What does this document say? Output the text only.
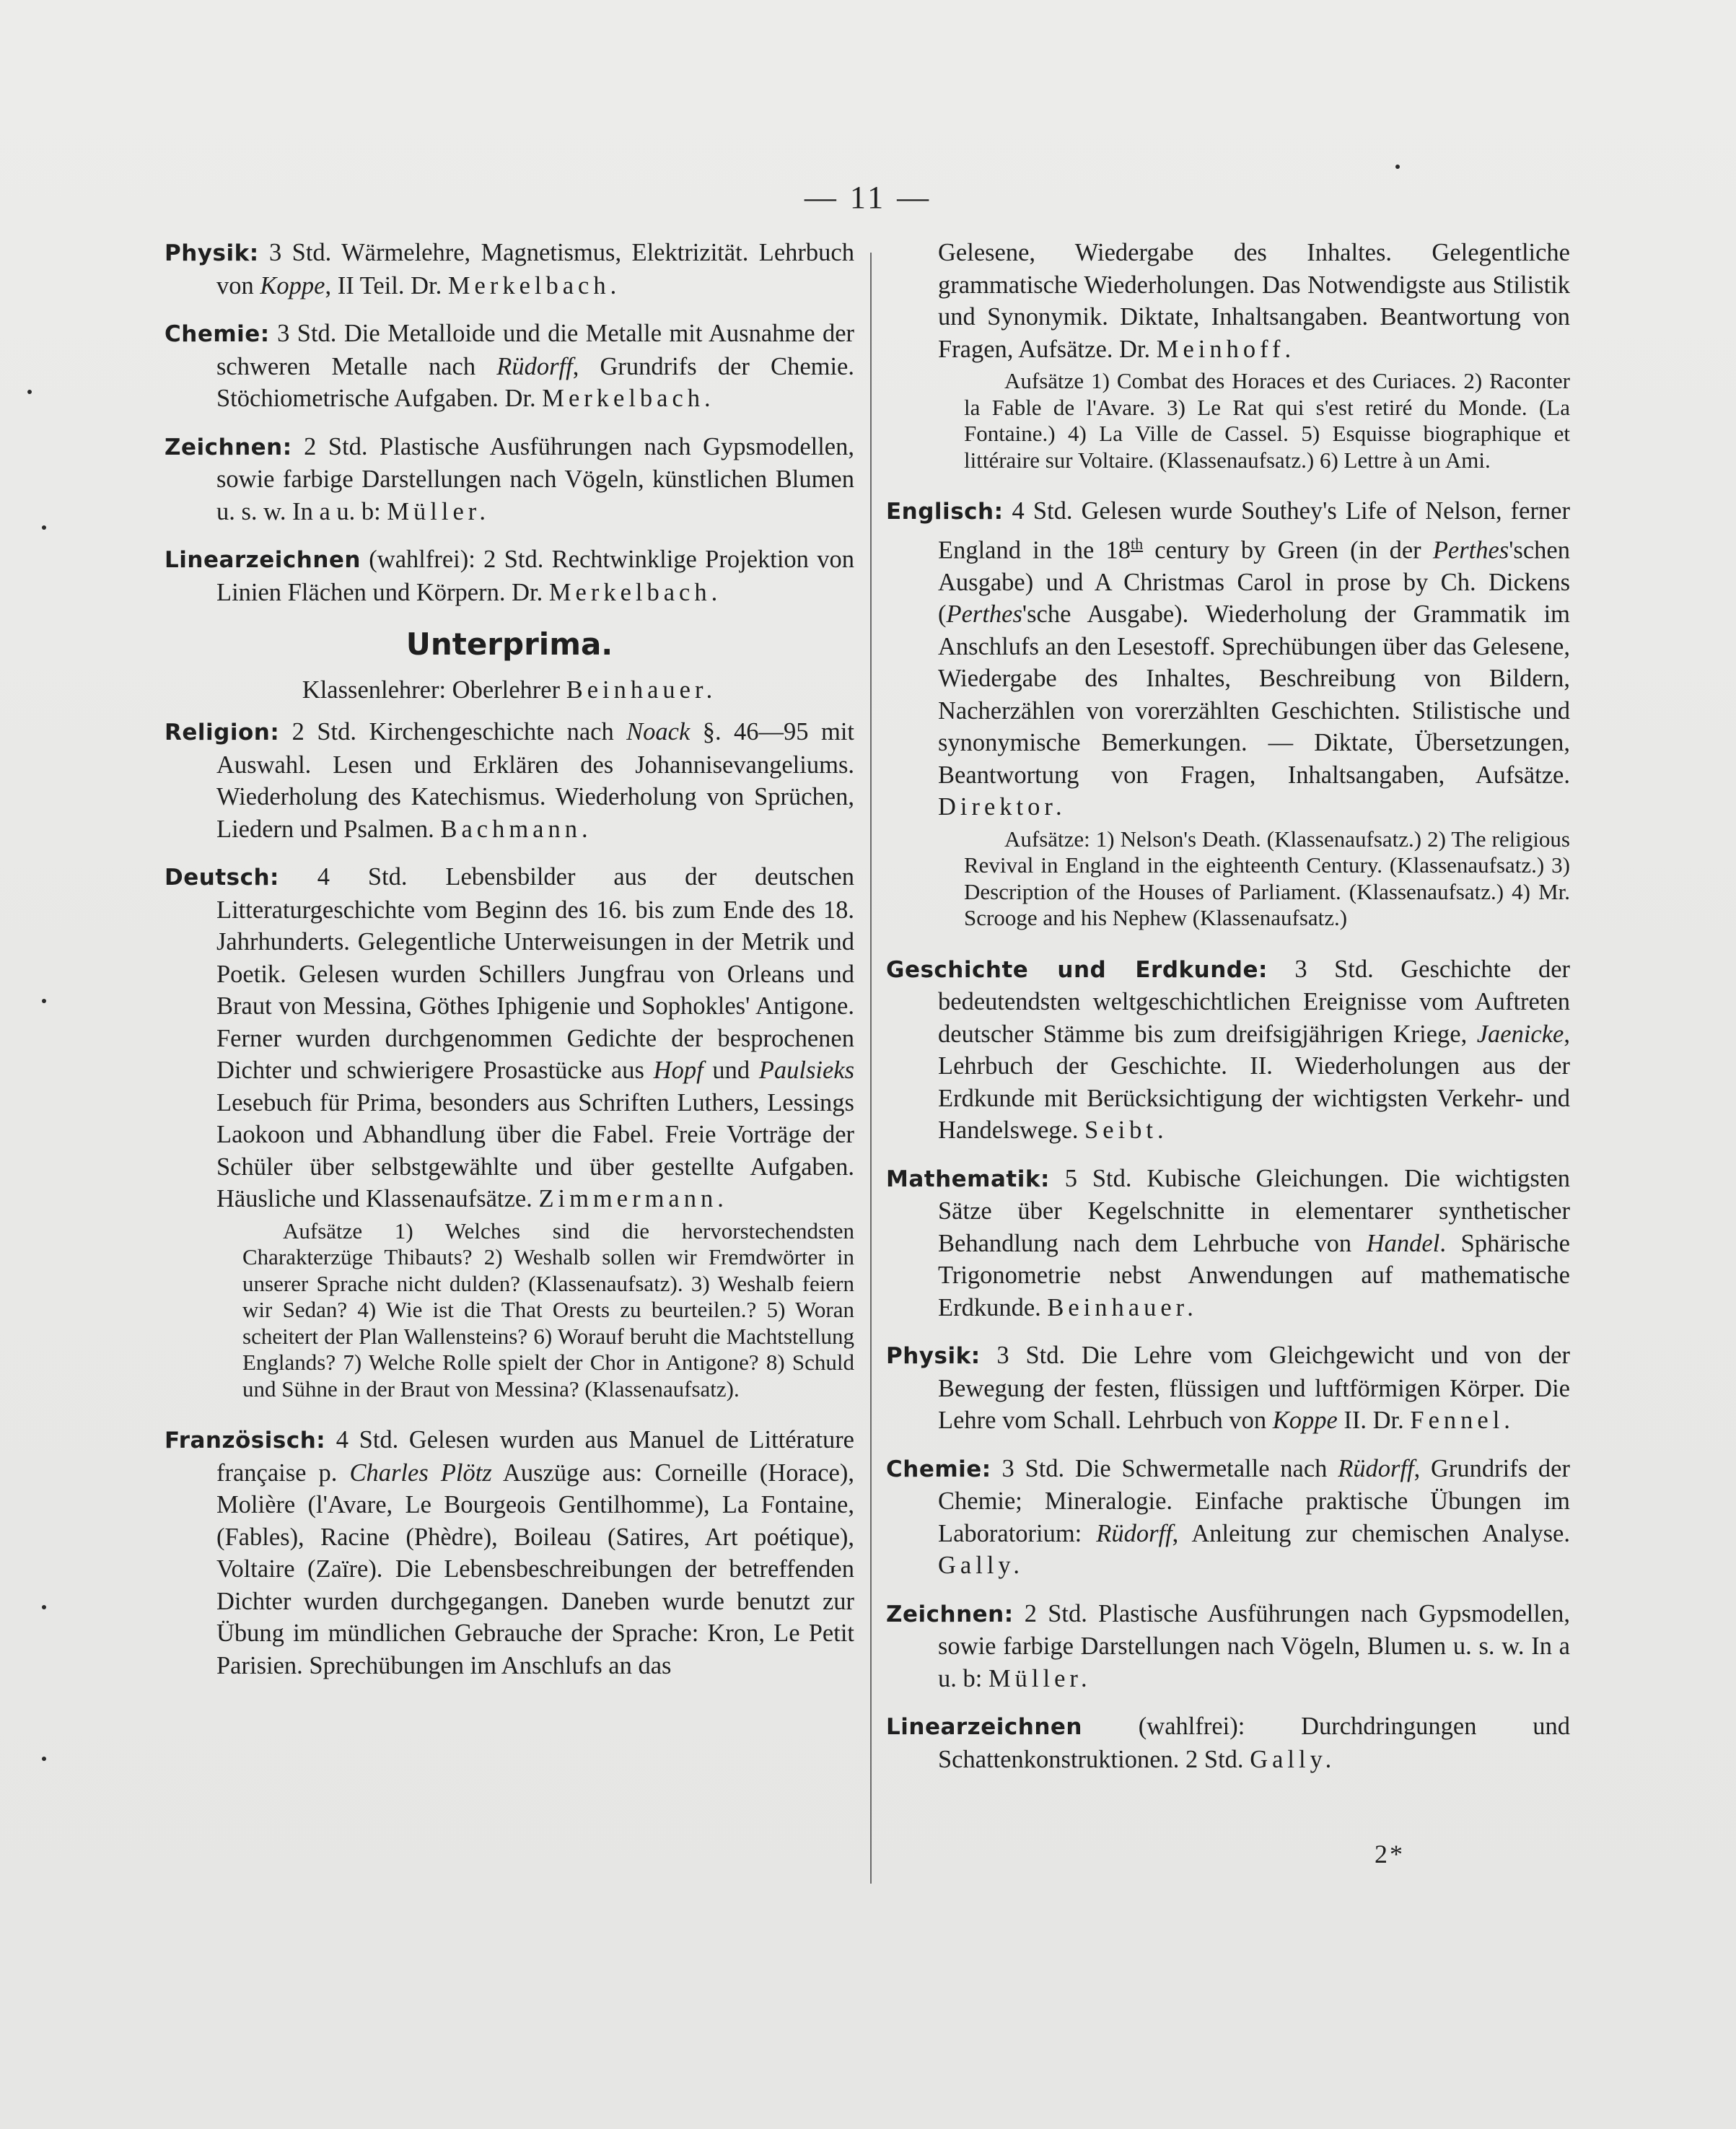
— 11 —

Physik: 3 Std. Wärmelehre, Magnetismus, Elektrizität. Lehrbuch von Koppe, II Teil. Dr. Merkelbach.

Chemie: 3 Std. Die Metalloide und die Metalle mit Ausnahme der schweren Metalle nach Rüdorff, Grundrifs der Chemie. Stöchiometrische Aufgaben. Dr. Merkelbach.

Zeichnen: 2 Std. Plastische Ausführungen nach Gypsmodellen, sowie farbige Darstellungen nach Vögeln, künstlichen Blumen u. s. w. In a u. b: Müller.

Linearzeichnen (wahlfrei): 2 Std. Rechtwinklige Projektion von Linien Flächen und Körpern. Dr. Merkelbach.

Unterprima.
Klassenlehrer: Oberlehrer Beinhauer.

Religion: 2 Std. Kirchengeschichte nach Noack §. 46—95 mit Auswahl. Lesen und Erklären des Johannisevangeliums. Wiederholung des Katechismus. Wiederholung von Sprüchen, Liedern und Psalmen. Bachmann.

Deutsch: 4 Std. Lebensbilder aus der deutschen Litteraturgeschichte vom Beginn des 16. bis zum Ende des 18. Jahrhunderts. Gelegentliche Unterweisungen in der Metrik und Poetik. Gelesen wurden Schillers Jungfrau von Orleans und Braut von Messina, Göthes Iphigenie und Sophokles' Antigone. Ferner wurden durchgenommen Gedichte der besprochenen Dichter und schwierigere Prosastücke aus Hopf und Paulsieks Lesebuch für Prima, besonders aus Schriften Luthers, Lessings Laokoon und Abhandlung über die Fabel. Freie Vorträge der Schüler über selbstgewählte und über gestellte Aufgaben. Häusliche und Klassenaufsätze. Zimmermann.

Aufsätze 1) Welches sind die hervorstechendsten Charakterzüge Thibauts? 2) Weshalb sollen wir Fremdwörter in unserer Sprache nicht dulden? (Klassenaufsatz). 3) Weshalb feiern wir Sedan? 4) Wie ist die That Orests zu beurteilen.? 5) Woran scheitert der Plan Wallensteins? 6) Worauf beruht die Machtstellung Englands? 7) Welche Rolle spielt der Chor in Antigone? 8) Schuld und Sühne in der Braut von Messina? (Klassenaufsatz).

Französisch: 4 Std. Gelesen wurden aus Manuel de Littérature française p. Charles Plötz Auszüge aus: Corneille (Horace), Molière (l'Avare, Le Bourgeois Gentilhomme), La Fontaine, (Fables), Racine (Phèdre), Boileau (Satires, Art poétique), Voltaire (Zaïre). Die Lebensbeschreibungen der betreffenden Dichter wurden durchgegangen. Daneben wurde benutzt zur Übung im mündlichen Gebrauche der Sprache: Kron, Le Petit Parisien. Sprechübungen im Anschlufs an das

Gelesene, Wiedergabe des Inhaltes. Gelegentliche grammatische Wiederholungen. Das Notwendigste aus Stilistik und Synonymik. Diktate, Inhaltsangaben. Beantwortung von Fragen, Aufsätze. Dr. Meinhoff.

Aufsätze 1) Combat des Horaces et des Curiaces. 2) Raconter la Fable de l'Avare. 3) Le Rat qui s'est retiré du Monde. (La Fontaine.) 4) La Ville de Cassel. 5) Esquisse biographique et littéraire sur Voltaire. (Klassenaufsatz.) 6) Lettre à un Ami.

Englisch: 4 Std. Gelesen wurde Southey's Life of Nelson, ferner England in the 18th century by Green (in der Perthes'schen Ausgabe) und A Christmas Carol in prose by Ch. Dickens (Perthes'sche Ausgabe). Wiederholung der Grammatik im Anschlufs an den Lesestoff. Sprechübungen über das Gelesene, Wiedergabe des Inhaltes, Beschreibung von Bildern, Nacherzählen von vorerzählten Geschichten. Stilistische und synonymische Bemerkungen. — Diktate, Übersetzungen, Beantwortung von Fragen, Inhaltsangaben, Aufsätze. Direktor.

Aufsätze: 1) Nelson's Death. (Klassenaufsatz.) 2) The religious Revival in England in the eighteenth Century. (Klassenaufsatz.) 3) Description of the Houses of Parliament. (Klassenaufsatz.) 4) Mr. Scrooge and his Nephew (Klassenaufsatz.)

Geschichte und Erdkunde: 3 Std. Geschichte der bedeutendsten weltgeschichtlichen Ereignisse vom Auftreten deutscher Stämme bis zum dreifsigjährigen Kriege, Jaenicke, Lehrbuch der Geschichte. II. Wiederholungen aus der Erdkunde mit Berücksichtigung der wichtigsten Verkehr- und Handelswege. Seibt.

Mathematik: 5 Std. Kubische Gleichungen. Die wichtigsten Sätze über Kegelschnitte in elementarer synthetischer Behandlung nach dem Lehrbuche von Handel. Sphärische Trigonometrie nebst Anwendungen auf mathematische Erdkunde. Beinhauer.

Physik: 3 Std. Die Lehre vom Gleichgewicht und von der Bewegung der festen, flüssigen und luftförmigen Körper. Die Lehre vom Schall. Lehrbuch von Koppe II. Dr. Fennel.

Chemie: 3 Std. Die Schwermetalle nach Rüdorff, Grundrifs der Chemie; Mineralogie. Einfache praktische Übungen im Laboratorium: Rüdorff, Anleitung zur chemischen Analyse. Gally.

Zeichnen: 2 Std. Plastische Ausführungen nach Gypsmodellen, sowie farbige Darstellungen nach Vögeln, Blumen u. s. w. In a u. b: Müller.

Linearzeichnen (wahlfrei): Durchdringungen und Schattenkonstruktionen. 2 Std. Gally.

2*
